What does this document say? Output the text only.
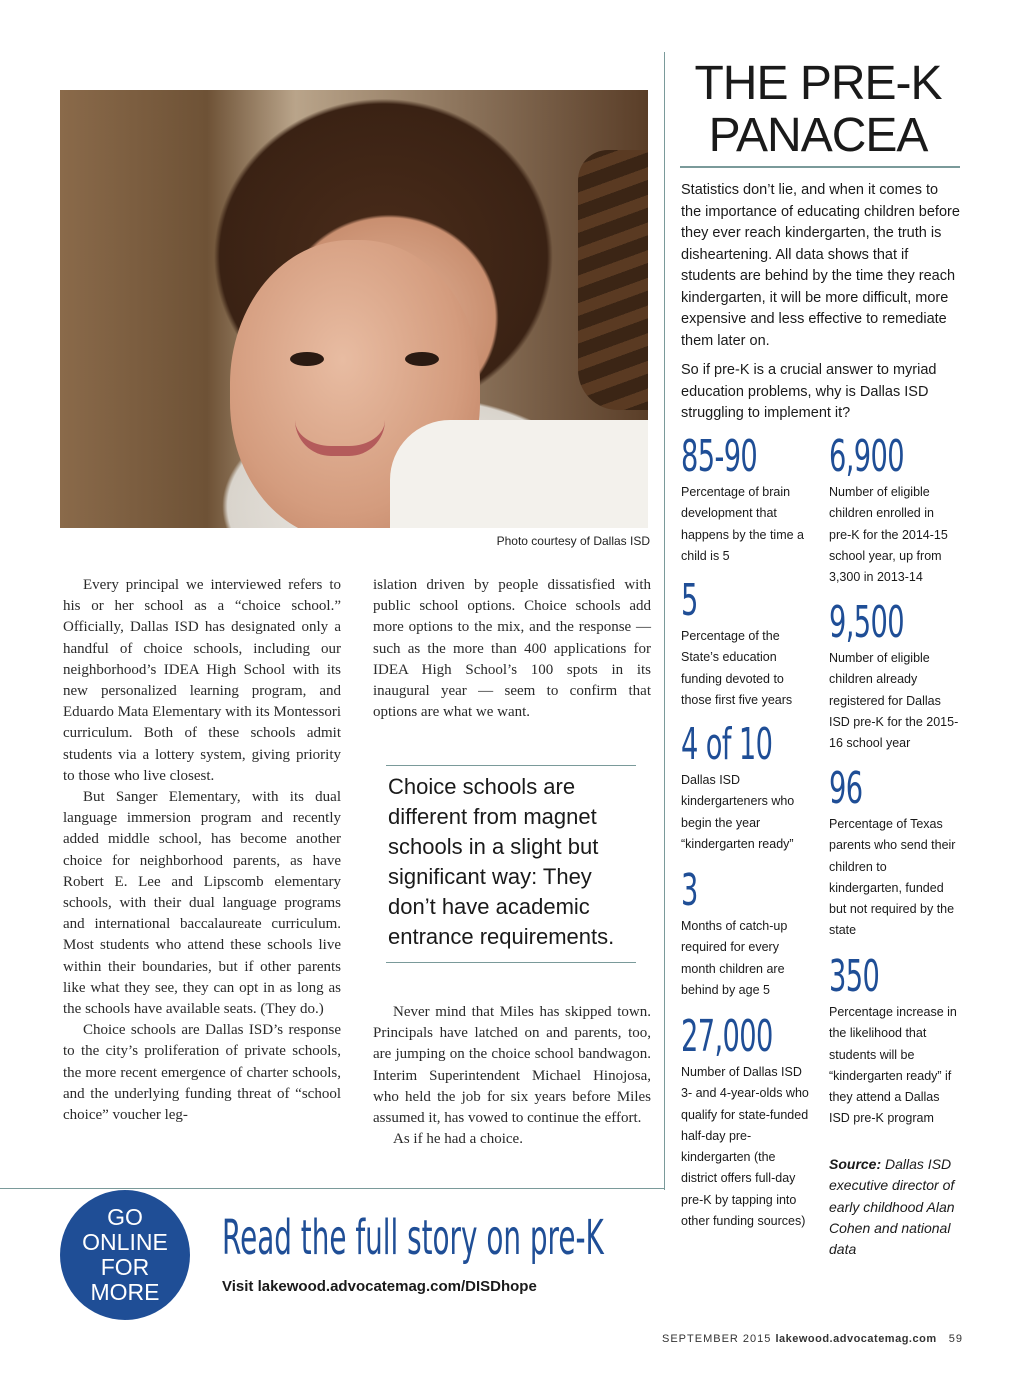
Photo courtesy of Dallas ISD

Every principal we interviewed refers to his or her school as a “choice school.” Officially, Dallas ISD has designated only a handful of choice schools, including our neighborhood’s IDEA High School with its new personalized learning program, and Eduardo Mata Elementary with its Montessori curriculum. Both of these schools admit students via a lottery system, giving priority to those who live closest.

But Sanger Elementary, with its dual language immersion program and recently added middle school, has become another choice for neighborhood parents, as have Robert E. Lee and Lipscomb elementary schools, with their dual language programs and international baccalaureate curriculum. Most students who attend these schools live within their boundaries, but if other parents like what they see, they can opt in as long as the schools have available seats. (They do.)

Choice schools are Dallas ISD’s response to the city’s proliferation of private schools, the more recent emergence of charter schools, and the underlying funding threat of “school choice” voucher leg-

islation driven by people dissatisfied with public school options. Choice schools add more options to the mix, and the response — such as the more than 400 applications for IDEA High School’s 100 spots in its inaugural year — seem to confirm that options are what we want.

Choice schools are different from magnet schools in a slight but significant way: They don’t have academic entrance requirements.

Never mind that Miles has skipped town. Principals have latched on and parents, too, are jumping on the choice school bandwagon. Interim Superintendent Michael Hinojosa, who held the job for six years before Miles assumed it, has vowed to continue the effort.

As if he had a choice.

THE PRE-K
PANACEA

Statistics don’t lie, and when it comes to the importance of educating children before they ever reach kindergarten, the truth is disheartening. All data shows that if students are behind by the time they reach kindergarten, it will be more difficult, more expensive and less effective to remediate them later on.

So if pre-K is a crucial answer to myriad education problems, why is Dallas ISD struggling to implement it?

85-90
Percentage of brain development that happens by the time a child is 5
5
Percentage of the State’s education funding devoted to those first five years
4 of 10
Dallas ISD kindergarteners who begin the year “kindergarten ready”
3
Months of catch-up required for every month children are behind by age 5
27,000
Number of Dallas ISD 3- and 4-year-olds who qualify for state-funded half-day pre-kindergarten (the district offers full-day pre-K by tapping into other funding sources)
6,900
Number of eligible children enrolled in pre-K for the 2014-15 school year, up from 3,300 in 2013-14
9,500
Number of eligible children already registered for Dallas ISD pre-K for the 2015-16 school year
96
Percentage of Texas parents who send their children to kindergarten, funded but not required by the state
350
Percentage increase in the likelihood that students will be “kindergarten ready” if they attend a Dallas ISD pre-K program
Source: Dallas ISD executive director of early childhood Alan Cohen and national data
GO
ONLINE
FOR
MORE
Read the full story on pre-K
Visit lakewood.advocatemag.com/DISDhope
SEPTEMBER 2015 lakewood.advocatemag.com 59
